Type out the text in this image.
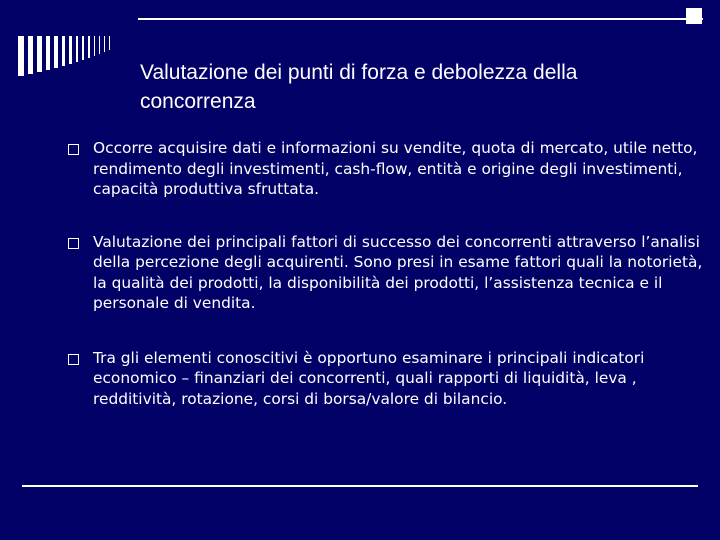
Valutazione dei punti di forza e debolezza della concorrenza
Occorre acquisire dati e informazioni su vendite, quota di mercato, utile netto, rendimento degli investimenti, cash-flow, entità e origine degli investimenti, capacità produttiva sfruttata.
Valutazione dei principali fattori di successo dei concorrenti attraverso l’analisi della percezione degli acquirenti. Sono presi in esame fattori quali la notorietà, la qualità dei prodotti, la disponibilità dei prodotti, l’assistenza tecnica e il personale di vendita.
Tra gli elementi conoscitivi è opportuno esaminare i principali indicatori economico – finanziari dei concorrenti, quali rapporti di liquidità, leva , redditività, rotazione, corsi di borsa/valore di bilancio.
